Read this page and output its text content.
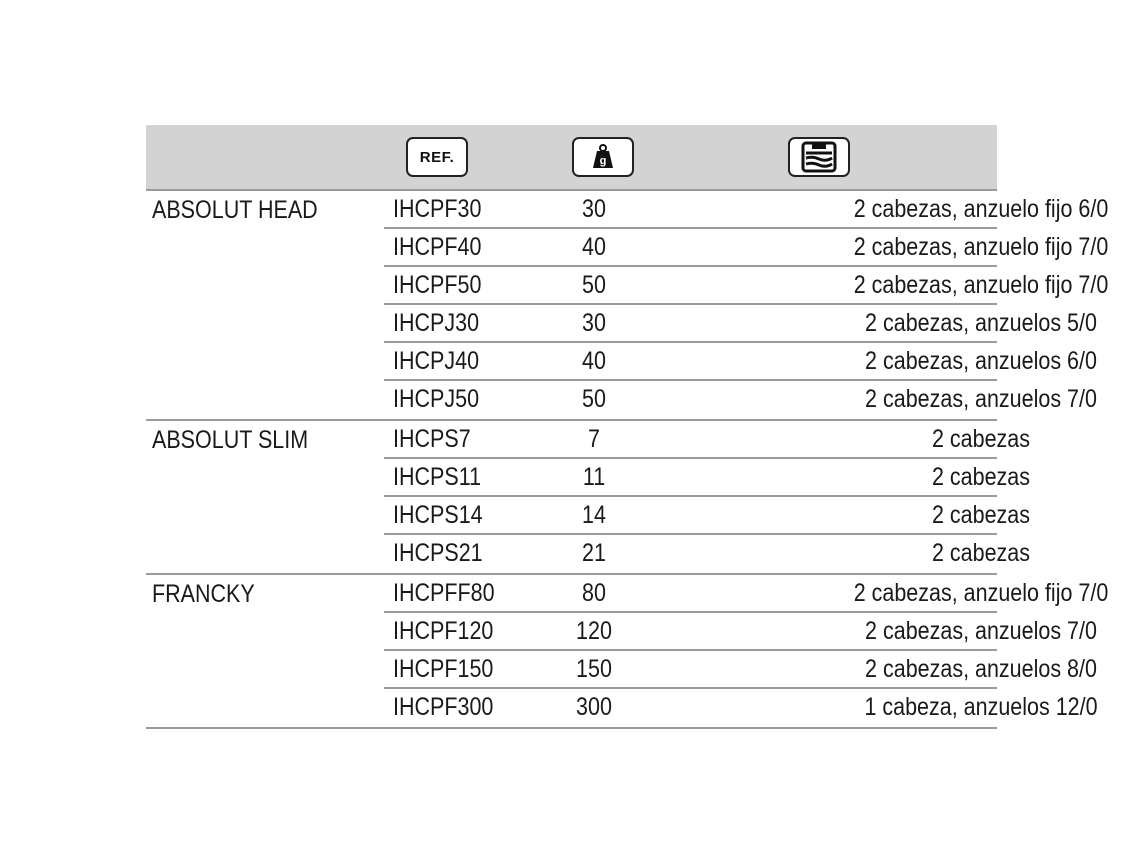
REF.	g
ABSOLUT HEAD	IHCPF30	30	2 cabezas, anzuelo fijo 6/0
IHCPF40	40	2 cabezas, anzuelo fijo 7/0
IHCPF50	50	2 cabezas, anzuelo fijo 7/0
IHCPJ30	30	2 cabezas, anzuelos 5/0
IHCPJ40	40	2 cabezas, anzuelos 6/0
IHCPJ50	50	2 cabezas, anzuelos 7/0
ABSOLUT SLIM	IHCPS7	7	2 cabezas
IHCPS11	11	2 cabezas
IHCPS14	14	2 cabezas
IHCPS21	21	2 cabezas
FRANCKY	IHCPFF80	80	2 cabezas, anzuelo fijo 7/0
IHCPF120	120	2 cabezas, anzuelos 7/0
IHCPF150	150	2 cabezas, anzuelos 8/0
IHCPF300	300	1 cabeza, anzuelos 12/0
